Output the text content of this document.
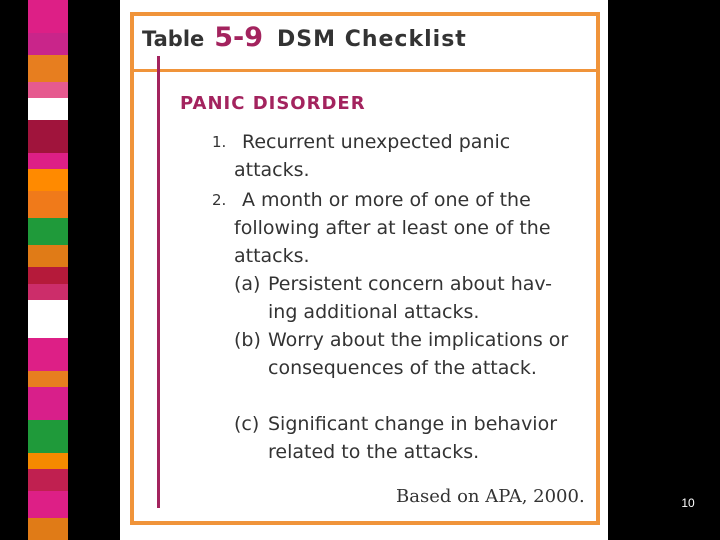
Table 5-9 DSM Checklist
PANIC DISORDER
1. Recurrent unexpected panic attacks.
2. A month or more of one of the following after at least one of the attacks.
(a) Persistent concern about hav-ing additional attacks.
(b) Worry about the implications or consequences of the attack.
(c) Significant change in behavior related to the attacks.
Based on APA, 2000.	10
